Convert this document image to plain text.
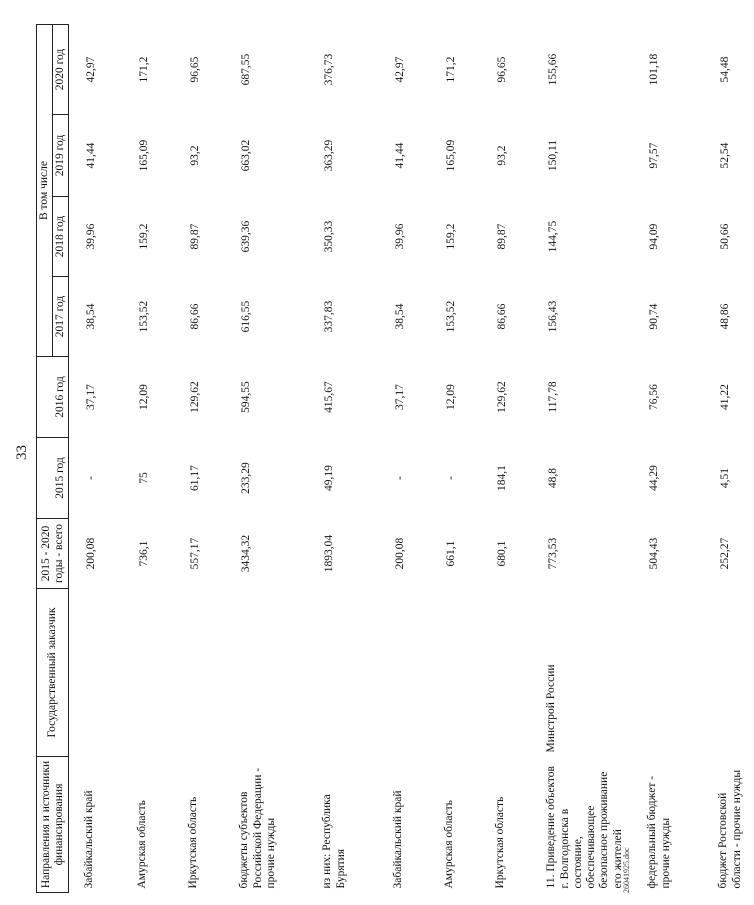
33
Направления и источники финансирования	Государственный заказчик	2015 - 2020 годы - всего	2015 год	2016 год	В том числе			
					2017 год	2018 год	2019 год	2020 год
Забайкальский край		200,08	-	37,17	38,54	39,96	41,44	42,97
Амурская область		736,1	75	12,09	153,52	159,2	165,09	171,2
Иркутская область		557,17	61,17	129,62	86,66	89,87	93,2	96,65
бюджеты субъектов Российской Федерации - прочие нужды		3434,32	233,29	594,55	616,55	639,36	663,02	687,55
из них: Республика Бурятия		1893,04	49,19	415,67	337,83	350,33	363,29	376,73
Забайкальский край		200,08	-	37,17	38,54	39,96	41,44	42,97
Амурская область		661,1	-	12,09	153,52	159,2	165,09	171,2
Иркутская область		680,1	184,1	129,62	86,66	89,87	93,2	96,65
11. Приведение объектов г. Волгодонска в состояние, обеспечивающее безопасное проживание его жителей	Минстрой России	773,53	48,8	117,78	156,43	144,75	150,11	155,66
федеральный бюджет - прочие нужды		504,43	44,29	76,56	90,74	94,09	97,57	101,18
бюджет Ростовской области - прочие нужды		252,27	4,51	41,22	48,86	50,66	52,54	54,48
26041925.doc
